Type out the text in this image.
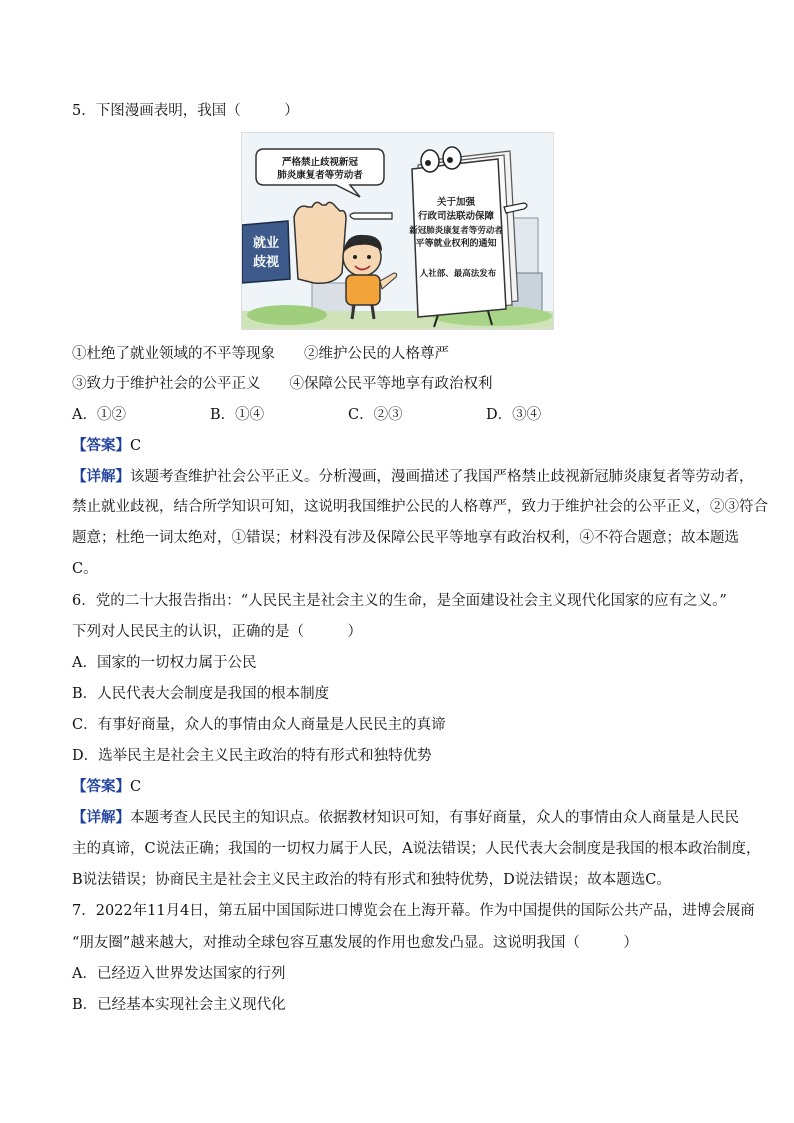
5．下图漫画表明，我国（　　　）
严格禁止歧视新冠
肺炎康复者等劳动者
关于加强
行政司法联动保障
新冠肺炎康复者等劳动者
平等就业权利的通知
人社部、最高法发布
就业
歧视
①杜绝了就业领域的不平等现象　　②维护公民的人格尊严
③致力于维护社会的公平正义　　④保障公民平等地享有政治权利
A．①②	B．①④	C．②③	D．③④
【答案】C
【详解】该题考查维护社会公平正义。分析漫画，漫画描述了我国严格禁止歧视新冠肺炎康复者等劳动者，
禁止就业歧视，结合所学知识可知，这说明我国维护公民的人格尊严，致力于维护社会的公平正义，②③符合
题意；杜绝一词太绝对，①错误；材料没有涉及保障公民平等地享有政治权利，④不符合题意；故本题选
C。
6．党的二十大报告指出：“人民民主是社会主义的生命，是全面建设社会主义现代化国家的应有之义。”
下列对人民民主的认识，正确的是（　　　）
A．国家的一切权力属于公民
B．人民代表大会制度是我国的根本制度
C．有事好商量，众人的事情由众人商量是人民民主的真谛
D．选举民主是社会主义民主政治的特有形式和独特优势
【答案】C
【详解】本题考查人民民主的知识点。依据教材知识可知，有事好商量，众人的事情由众人商量是人民民
主的真谛，C说法正确；我国的一切权力属于人民，A说法错误；人民代表大会制度是我国的根本政治制度，
B说法错误；协商民主是社会主义民主政治的特有形式和独特优势，D说法错误；故本题选C。
7．2022年11月4日，第五届中国国际进口博览会在上海开幕。作为中国提供的国际公共产品，进博会展商
“朋友圈”越来越大，对推动全球包容互惠发展的作用也愈发凸显。这说明我国（　　　）
A．已经迈入世界发达国家的行列
B．已经基本实现社会主义现代化
